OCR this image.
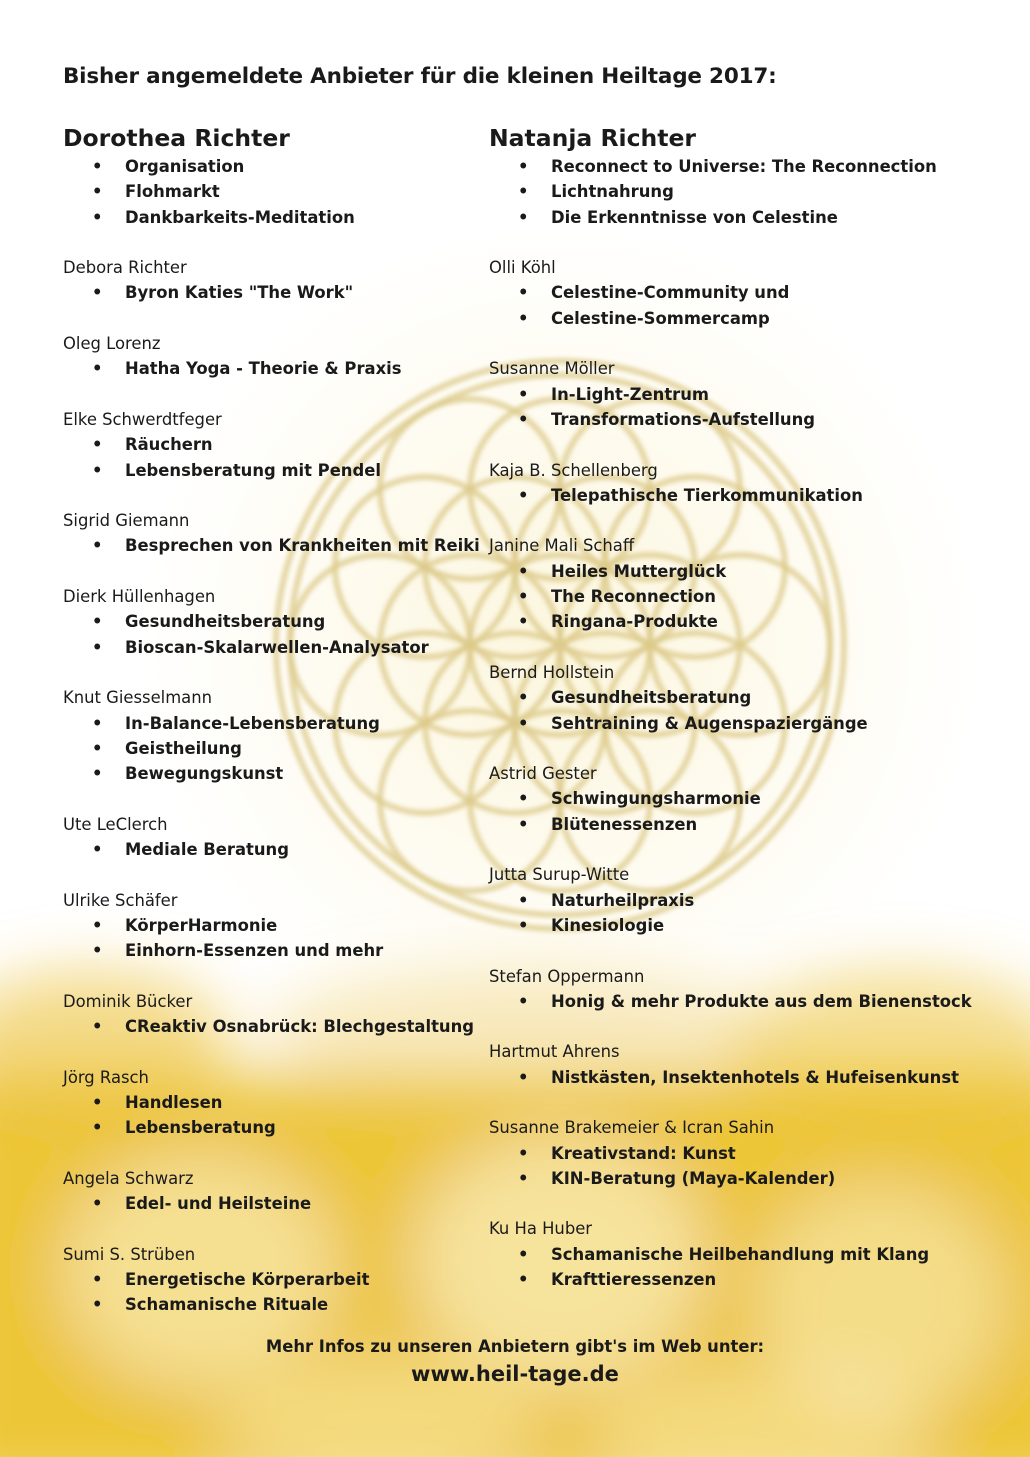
Bisher angemeldete Anbieter für die kleinen Heiltage 2017:
Dorothea Richter
• Organisation
• Flohmarkt
• Dankbarkeits-Meditation
Debora Richter
• Byron Katies "The Work"
Oleg Lorenz
• Hatha Yoga - Theorie & Praxis
Elke Schwerdtfeger
• Räuchern
• Lebensberatung mit Pendel
Sigrid Giemann
• Besprechen von Krankheiten mit Reiki
Dierk Hüllenhagen
• Gesundheitsberatung
• Bioscan-Skalarwellen-Analysator
Knut Giesselmann
• In-Balance-Lebensberatung
• Geistheilung
• Bewegungskunst
Ute LeClerch
• Mediale Beratung
Ulrike Schäfer
• KörperHarmonie
• Einhorn-Essenzen und mehr
Dominik Bücker
• CReaktiv Osnabrück: Blechgestaltung
Jörg Rasch
• Handlesen
• Lebensberatung
Angela Schwarz
• Edel- und Heilsteine
Sumi S. Strüben
• Energetische Körperarbeit
• Schamanische Rituale
Natanja Richter
• Reconnect to Universe: The Reconnection
• Lichtnahrung
• Die Erkenntnisse von Celestine
Olli Köhl
• Celestine-Community und
• Celestine-Sommercamp
Susanne Möller
• In-Light-Zentrum
• Transformations-Aufstellung
Kaja B. Schellenberg
• Telepathische Tierkommunikation
Janine Mali Schaff
• Heiles Mutterglück
• The Reconnection
• Ringana-Produkte
Bernd Hollstein
• Gesundheitsberatung
• Sehtraining & Augenspaziergänge
Astrid Gester
• Schwingungsharmonie
• Blütenessenzen
Jutta Surup-Witte
• Naturheilpraxis
• Kinesiologie
Stefan Oppermann
• Honig & mehr Produkte aus dem Bienenstock
Hartmut Ahrens
• Nistkästen, Insektenhotels & Hufeisenkunst
Susanne Brakemeier & Icran Sahin
• Kreativstand: Kunst
• KIN-Beratung (Maya-Kalender)
Ku Ha Huber
• Schamanische Heilbehandlung mit Klang
• Krafttieressenzen
Mehr Infos zu unseren Anbietern gibt's im Web unter:
www.heil-tage.de
